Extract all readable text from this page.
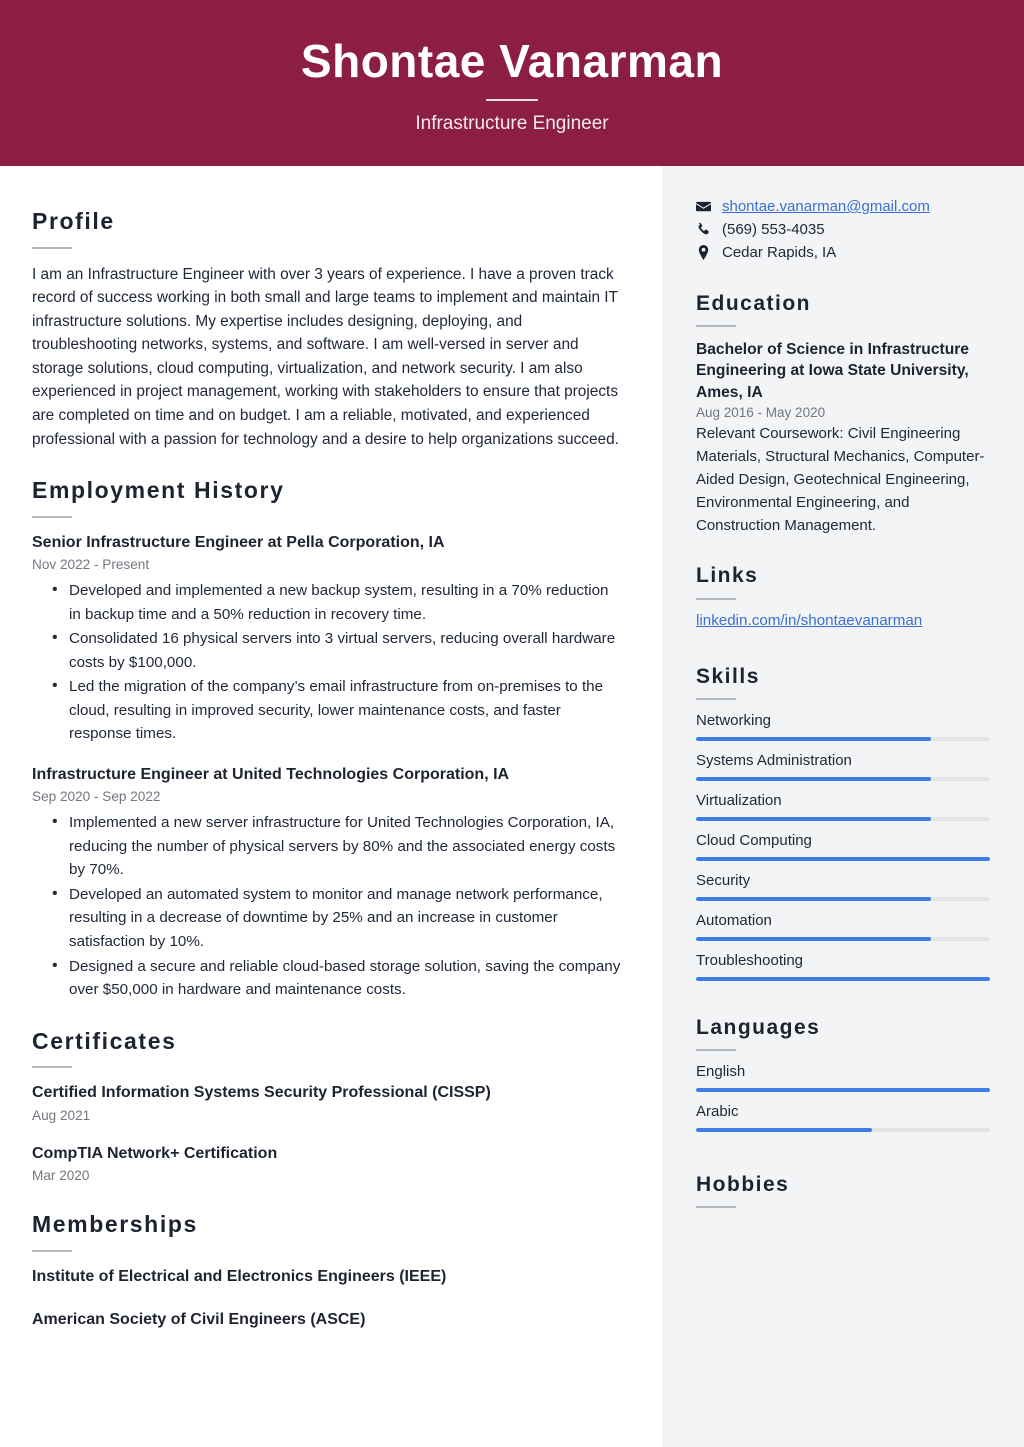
Shontae Vanarman
Infrastructure Engineer
Profile
I am an Infrastructure Engineer with over 3 years of experience. I have a proven track record of success working in both small and large teams to implement and maintain IT infrastructure solutions. My expertise includes designing, deploying, and troubleshooting networks, systems, and software. I am well-versed in server and storage solutions, cloud computing, virtualization, and network security. I am also experienced in project management, working with stakeholders to ensure that projects are completed on time and on budget. I am a reliable, motivated, and experienced professional with a passion for technology and a desire to help organizations succeed.
Employment History
Senior Infrastructure Engineer at Pella Corporation, IA
Nov 2022 - Present
• Developed and implemented a new backup system, resulting in a 70% reduction in backup time and a 50% reduction in recovery time.
• Consolidated 16 physical servers into 3 virtual servers, reducing overall hardware costs by $100,000.
• Led the migration of the company’s email infrastructure from on-premises to the cloud, resulting in improved security, lower maintenance costs, and faster response times.
Infrastructure Engineer at United Technologies Corporation, IA
Sep 2020 - Sep 2022
• Implemented a new server infrastructure for United Technologies Corporation, IA, reducing the number of physical servers by 80% and the associated energy costs by 70%.
• Developed an automated system to monitor and manage network performance, resulting in a decrease of downtime by 25% and an increase in customer satisfaction by 10%.
• Designed a secure and reliable cloud-based storage solution, saving the company over $50,000 in hardware and maintenance costs.
Certificates
Certified Information Systems Security Professional (CISSP)
Aug 2021
CompTIA Network+ Certification
Mar 2020
Memberships
Institute of Electrical and Electronics Engineers (IEEE)
American Society of Civil Engineers (ASCE)
shontae.vanarman@gmail.com
(569) 553-4035
Cedar Rapids, IA
Education
Bachelor of Science in Infrastructure Engineering at Iowa State University, Ames, IA
Aug 2016 - May 2020
Relevant Coursework: Civil Engineering Materials, Structural Mechanics, Computer-Aided Design, Geotechnical Engineering, Environmental Engineering, and Construction Management.
Links
linkedin.com/in/shontaevanarman
Skills
Networking
Systems Administration
Virtualization
Cloud Computing
Security
Automation
Troubleshooting
Languages
English
Arabic
Hobbies
